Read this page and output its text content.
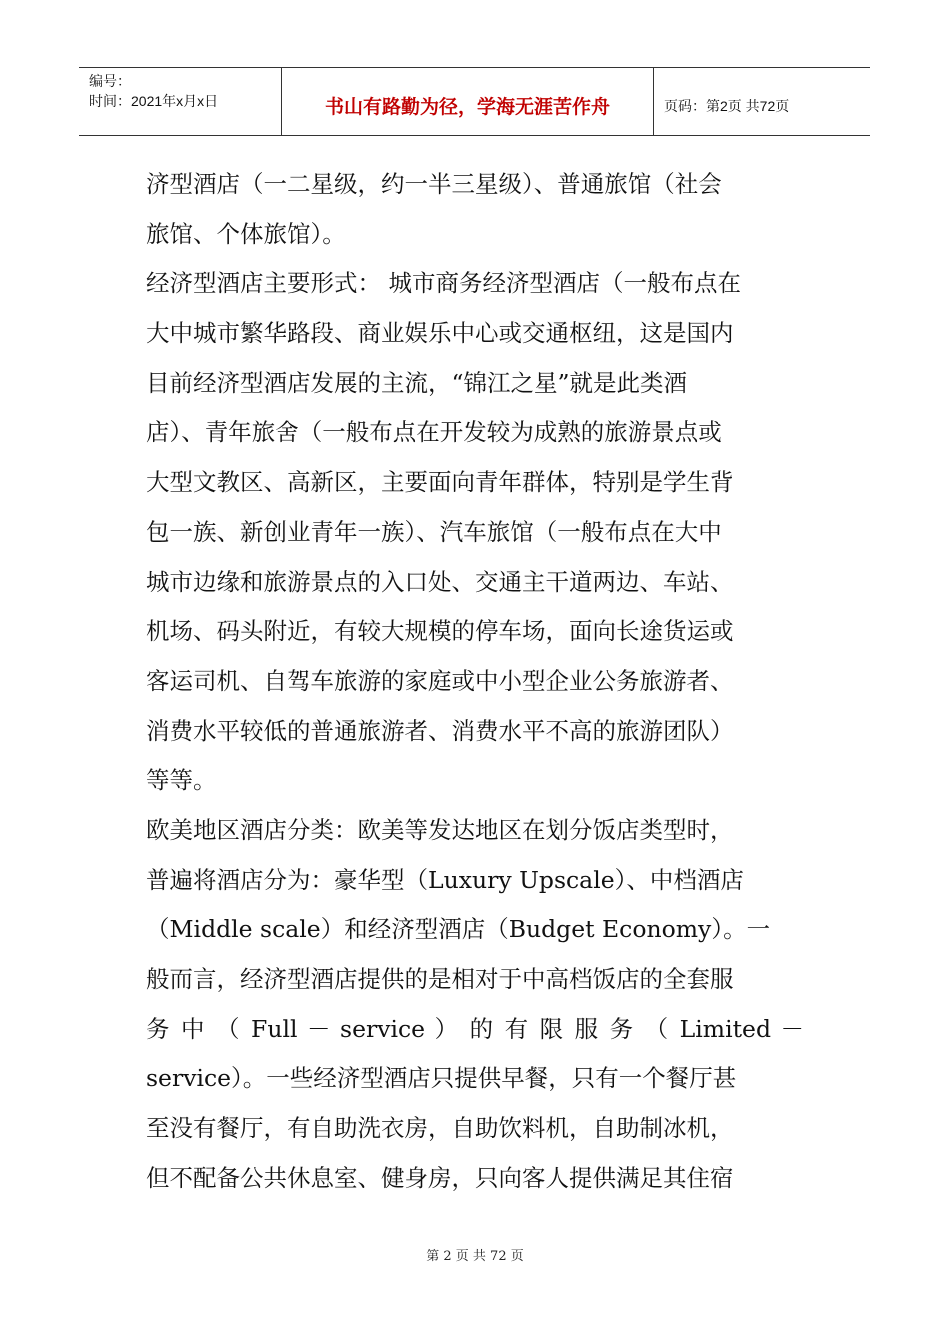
编号：
时间：2021年x月x日	书山有路勤为径，学海无涯苦作舟	页码：第2页 共72页
济型酒店（一二星级，约一半三星级）、普通旅馆（社会
旅馆、个体旅馆）。
经济型酒店主要形式： 城市商务经济型酒店（一般布点在
大中城市繁华路段、商业娱乐中心或交通枢纽，这是国内
目前经济型酒店发展的主流，“锦江之星”就是此类酒
店）、青年旅舍（一般布点在开发较为成熟的旅游景点或
大型文教区、高新区，主要面向青年群体，特别是学生背
包一族、新创业青年一族）、汽车旅馆（一般布点在大中
城市边缘和旅游景点的入口处、交通主干道两边、车站、
机场、码头附近，有较大规模的停车场，面向长途货运或
客运司机、自驾车旅游的家庭或中小型企业公务旅游者、
消费水平较低的普通旅游者、消费水平不高的旅游团队）
等等。
欧美地区酒店分类：欧美等发达地区在划分饭店类型时，
普遍将酒店分为：豪华型（Luxury Upscale）、中档酒店
（Middle scale）和经济型酒店（Budget Economy）。一
般而言，经济型酒店提供的是相对于中高档饭店的全套服
务 中 （ Full － service ） 的 有 限 服 务 （ Limited －
service）。一些经济型酒店只提供早餐，只有一个餐厅甚
至没有餐厅，有自助洗衣房，自助饮料机，自助制冰机，
但不配备公共休息室、健身房，只向客人提供满足其住宿
第 2 页 共 72 页
